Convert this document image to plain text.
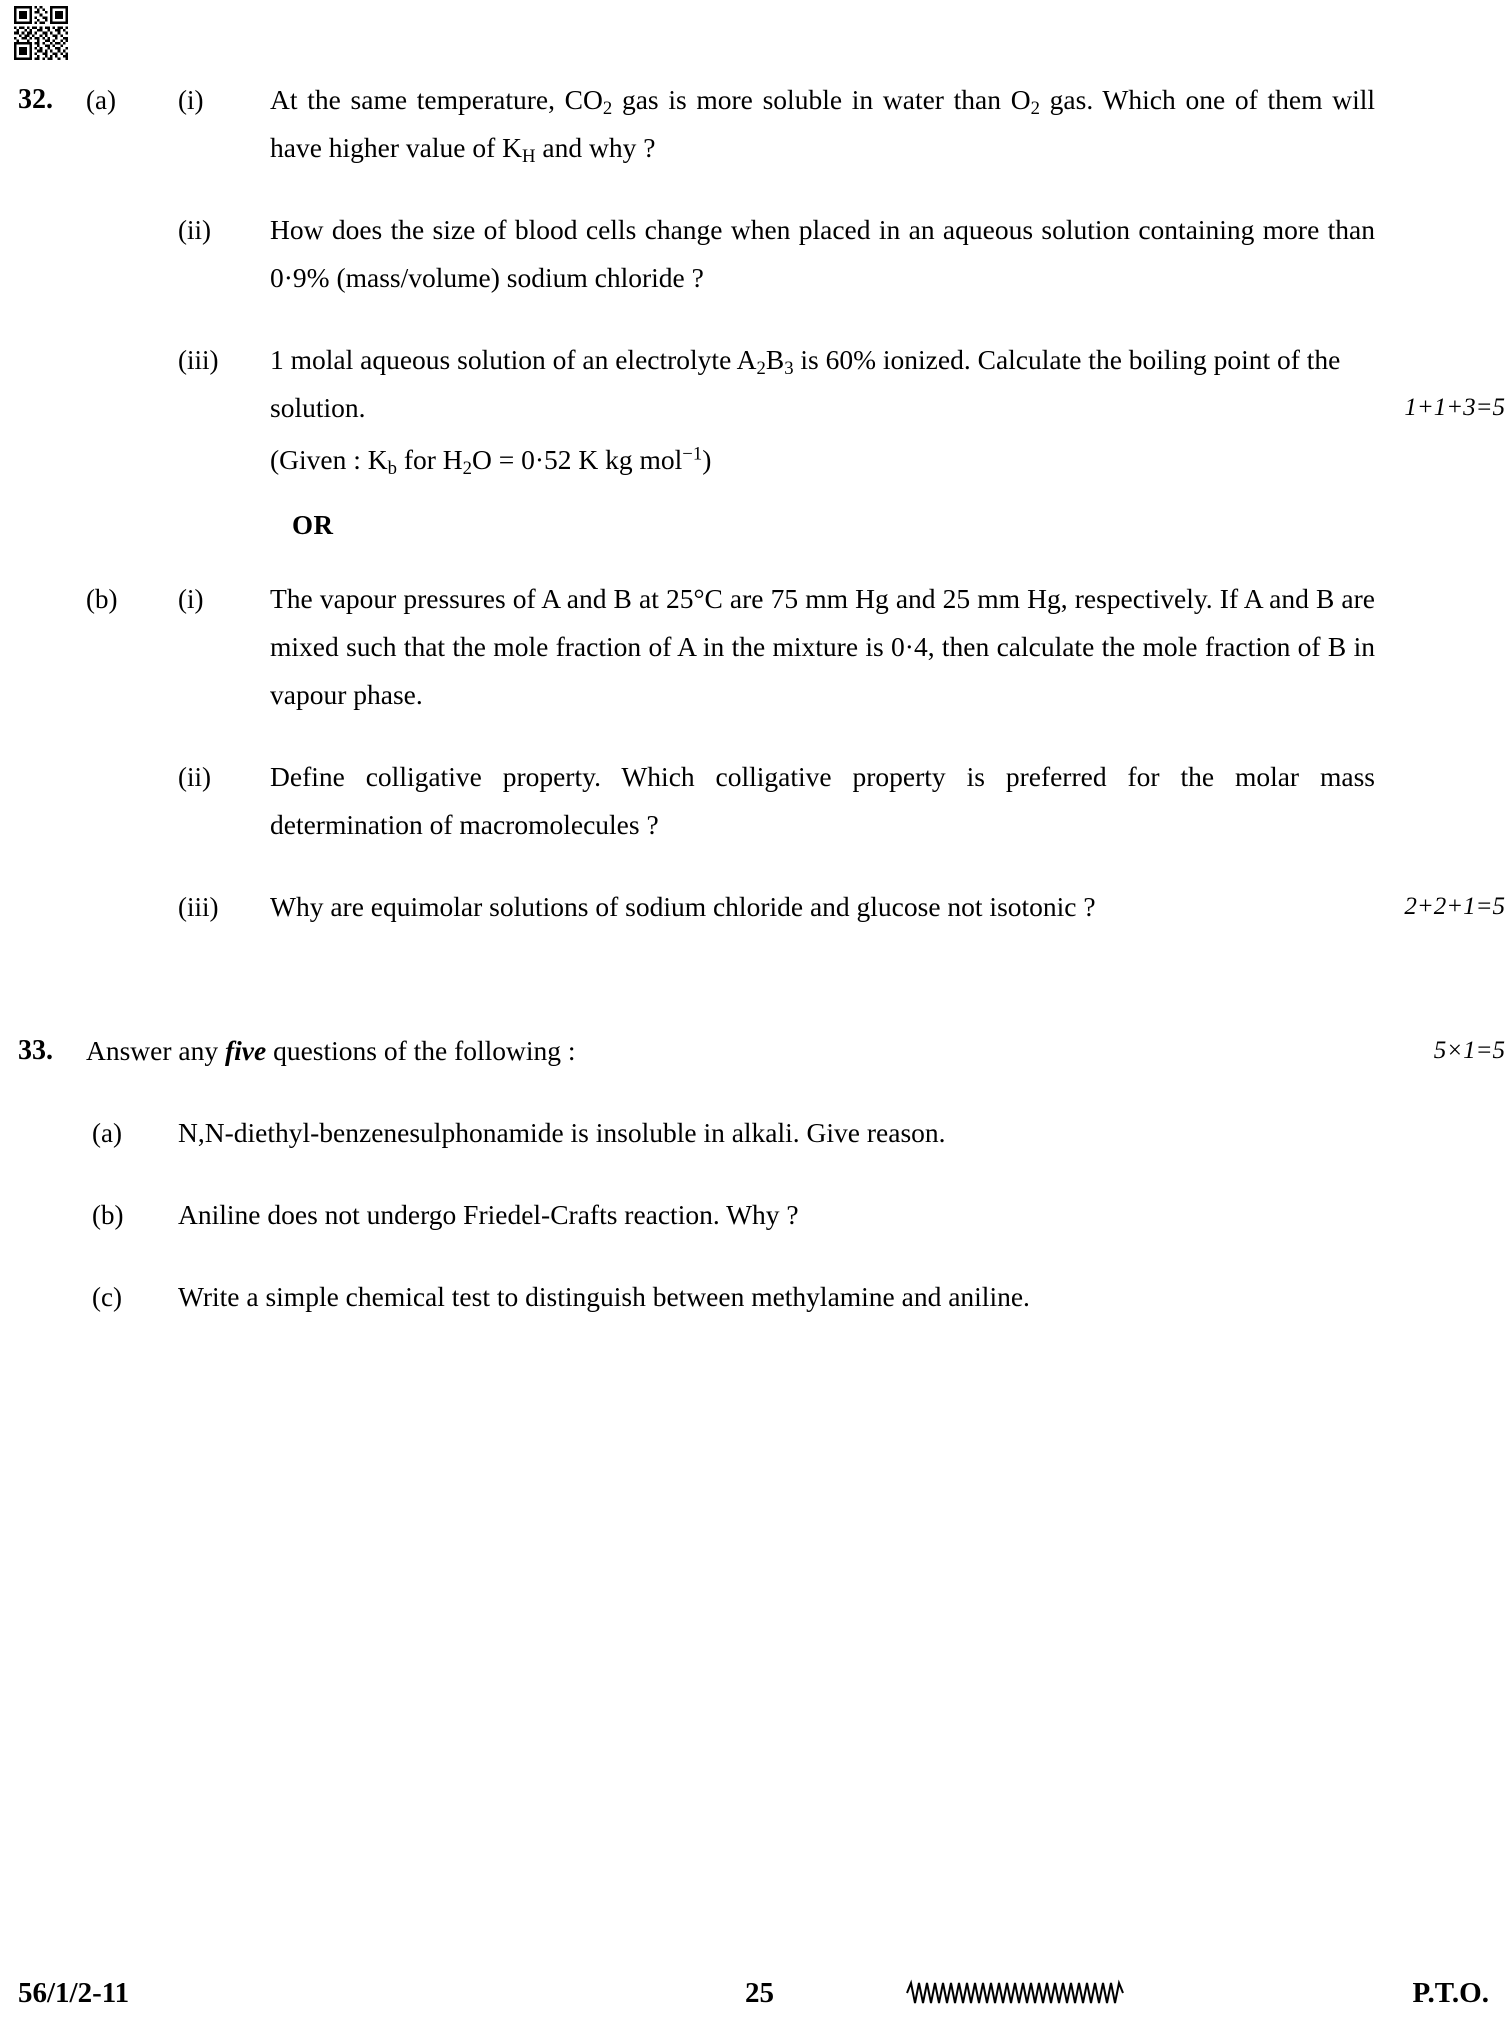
32.	(a)	(i)	At the same temperature, $CO_2$ gas is more soluble in water than $O_2$ gas. Which one of them will have higher value of $K_H$ and why ?
(ii)	How does the size of blood cells change when placed in an aqueous solution containing more than 0·9% (mass/volume) sodium chloride ?
(iii)	1 molal aqueous solution of an electrolyte $A_2B_3$ is 60% ionized. Calculate the boiling point of the solution.	1+1+3=5
(Given : $K_b$ for $H_2O = 0\cdot 52$ K kg mol$^{-1}$)
OR
(b)	(i)	The vapour pressures of A and B at 25°C are 75 mm Hg and 25 mm Hg, respectively. If A and B are mixed such that the mole fraction of A in the mixture is 0·4, then calculate the mole fraction of B in vapour phase.
(ii)	Define colligative property. Which colligative property is preferred for the molar mass determination of macromolecules ?
(iii)	Why are equimolar solutions of sodium chloride and glucose not isotonic ?	2+2+1=5
33.	Answer any five questions of the following :	5×1=5
(a)	N,N-diethyl-benzenesulphonamide is insoluble in alkali. Give reason.
(b)	Aniline does not undergo Friedel-Crafts reaction. Why ?
(c)	Write a simple chemical test to distinguish between methylamine and aniline.
56/1/2-11	25	P.T.O.
